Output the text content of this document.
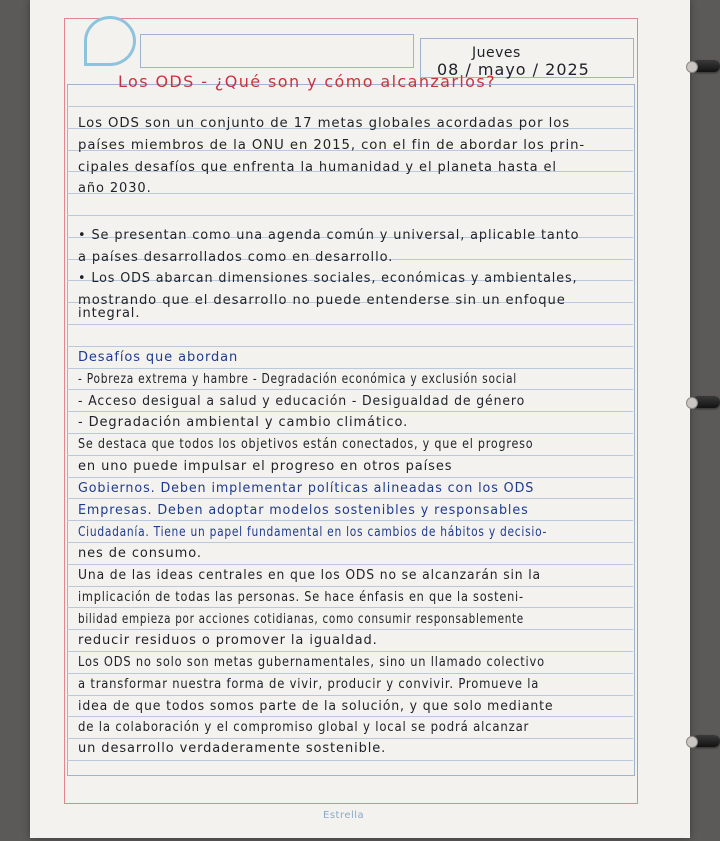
Jueves
08 / mayo / 2025
Los ODS - ¿Qué son y cómo alcanzarlos?
Los ODS son un conjunto de 17 metas globales acordadas por los
países miembros de la ONU en 2015, con el fin de abordar los prin-
cipales desafíos que enfrenta la humanidad y el planeta hasta el
año 2030.
• Se presentan como una agenda común y universal, aplicable tanto
a países desarrollados como en desarrollo.
• Los ODS abarcan dimensiones sociales, económicas y ambientales,
mostrando que el desarrollo no puede entenderse sin un enfoque
integral.
Desafíos que abordan
- Pobreza extrema y hambre - Degradación económica y exclusión social
- Acceso desigual a salud y educación - Desigualdad de género
- Degradación ambiental y cambio climático.
Se destaca que todos los objetivos están conectados, y que el progreso
en uno puede impulsar el progreso en otros países
Gobiernos. Deben implementar políticas alineadas con los ODS
Empresas. Deben adoptar modelos sostenibles y responsables
Ciudadanía. Tiene un papel fundamental en los cambios de hábitos y decisio-
nes de consumo.
Una de las ideas centrales en que los ODS no se alcanzarán sin la
implicación de todas las personas. Se hace énfasis en que la sosteni-
bilidad empieza por acciones cotidianas, como consumir responsablemente
reducir residuos o promover la igualdad.
Los ODS no solo son metas gubernamentales, sino un llamado colectivo
a transformar nuestra forma de vivir, producir y convivir. Promueve la
idea de que todos somos parte de la solución, y que solo mediante
de la colaboración y el compromiso global y local se podrá alcanzar
un desarrollo verdaderamente sostenible.
Estrella
